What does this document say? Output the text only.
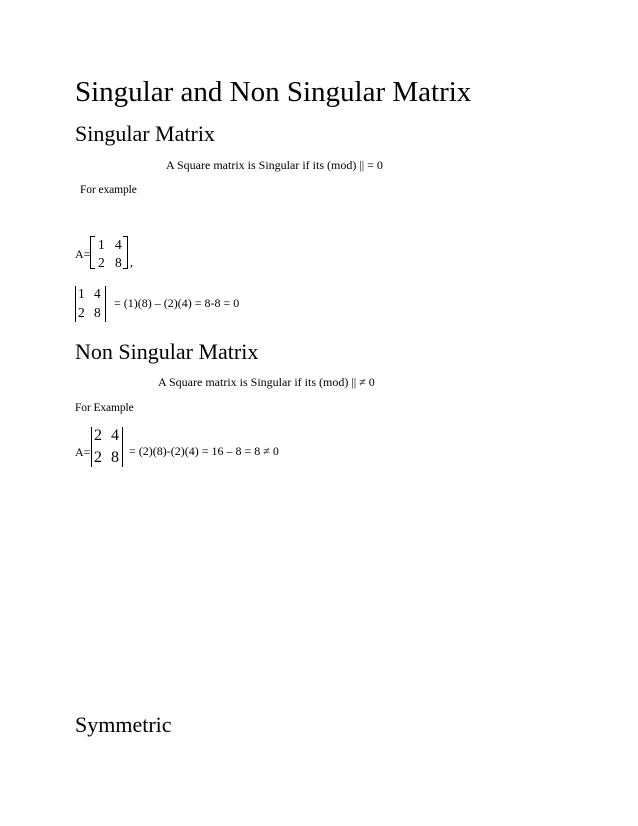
Singular and Non Singular Matrix
Singular Matrix
A Square matrix is Singular if its (mod) || = 0
For example
A=
1 4
2 8 ,
1 4
2 8
= (1)(8) – (2)(4) = 8-8 = 0
Non Singular Matrix
A Square matrix is Singular if its (mod) || ≠ 0
For Example
A=
2 4
2 8 = (2)(8)-(2)(4) = 16 – 8 = 8 ≠ 0
Symmetric
